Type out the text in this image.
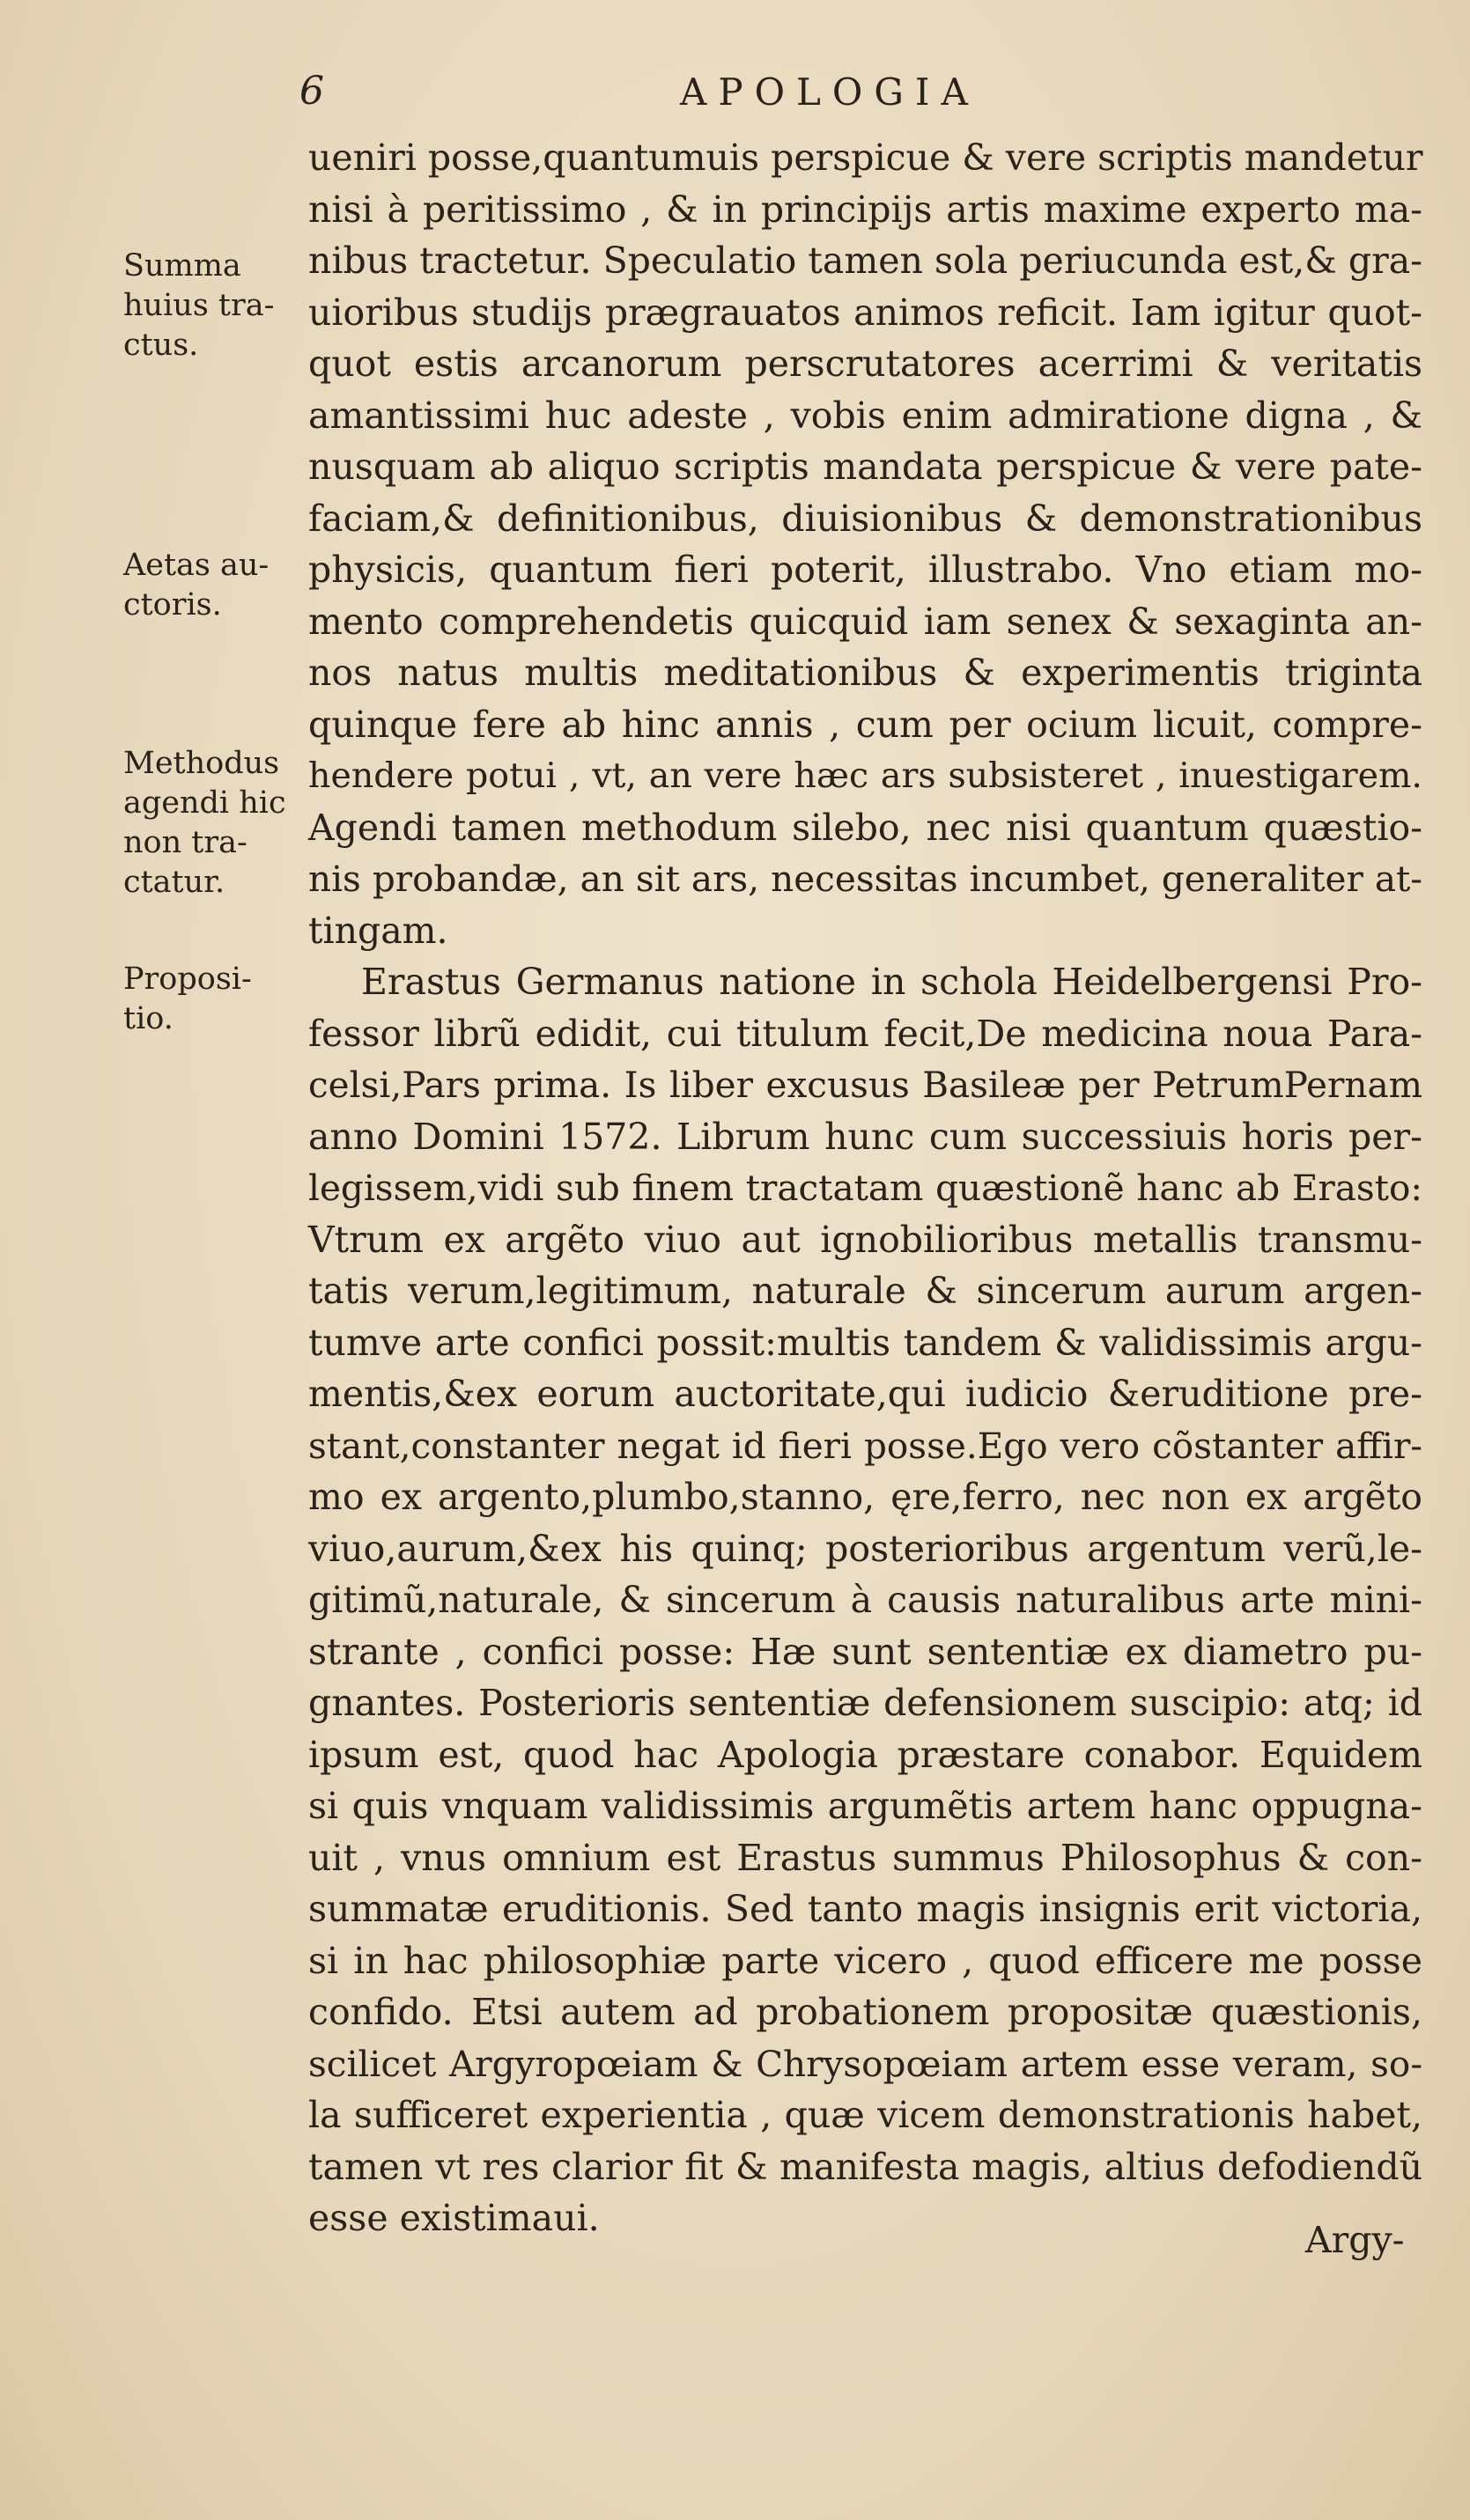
6	APOLOGIA
Summa
huius tra-
ctus.
Aetas au-
ctoris.
Methodus
agendi hic
non tra-
ctatur.
Proposi-
tio.
ueniri posse,quantumuis perspicue & vere scriptis mandetur
nisi à peritissimo , & in principijs artis maxime experto ma-
nibus tractetur. Speculatio tamen sola periucunda est,& gra-
uioribus studijs prægrauatos animos reficit. Iam igitur quot-
quot estis arcanorum perscrutatores acerrimi & veritatis
amantissimi huc adeste , vobis enim admiratione digna , &
nusquam ab aliquo scriptis mandata perspicue & vere pate-
faciam,& definitionibus, diuisionibus & demonstrationibus
physicis, quantum fieri poterit, illustrabo. Vno etiam mo-
mento comprehendetis quicquid iam senex & sexaginta an-
nos natus multis meditationibus & experimentis triginta
quinque fere ab hinc annis , cum per ocium licuit, compre-
hendere potui , vt, an vere hæc ars subsisteret , inuestigarem.
Agendi tamen methodum silebo, nec nisi quantum quæstio-
nis probandæ, an sit ars, necessitas incumbet, generaliter at-
tingam.
Erastus Germanus natione in schola Heidelbergensi Pro-
fessor librũ edidit, cui titulum fecit,De medicina noua Para-
celsi,Pars prima. Is liber excusus Basileæ per PetrumPernam
anno Domini 1572. Librum hunc cum successiuis horis per-
legissem,vidi sub finem tractatam quæstionẽ hanc ab Erasto:
Vtrum ex argẽto viuo aut ignobilioribus metallis transmu-
tatis verum,legitimum, naturale & sincerum aurum argen-
tumve arte confici possit:multis tandem & validissimis argu-
mentis,&ex eorum auctoritate,qui iudicio &eruditione pre-
stant,constanter negat id fieri posse.Ego vero cõstanter affir-
mo ex argento,plumbo,stanno, ęre,ferro, nec non ex argẽto
viuo,aurum,&ex his quinq; posterioribus argentum verũ,le-
gitimũ,naturale, & sincerum à causis naturalibus arte mini-
strante , confici posse: Hæ sunt sententiæ ex diametro pu-
gnantes. Posterioris sententiæ defensionem suscipio: atq; id
ipsum est, quod hac Apologia præstare conabor. Equidem
si quis vnquam validissimis argumẽtis artem hanc oppugna-
uit , vnus omnium est Erastus summus Philosophus & con-
summatæ eruditionis. Sed tanto magis insignis erit victoria,
si in hac philosophiæ parte vicero , quod efficere me posse
confido. Etsi autem ad probationem propositæ quæstionis,
scilicet Argyropœiam & Chrysopœiam artem esse veram, so-
la sufficeret experientia , quæ vicem demonstrationis habet,
tamen vt res clarior fit & manifesta magis, altius defodiendũ
esse existimaui.
Argy-
